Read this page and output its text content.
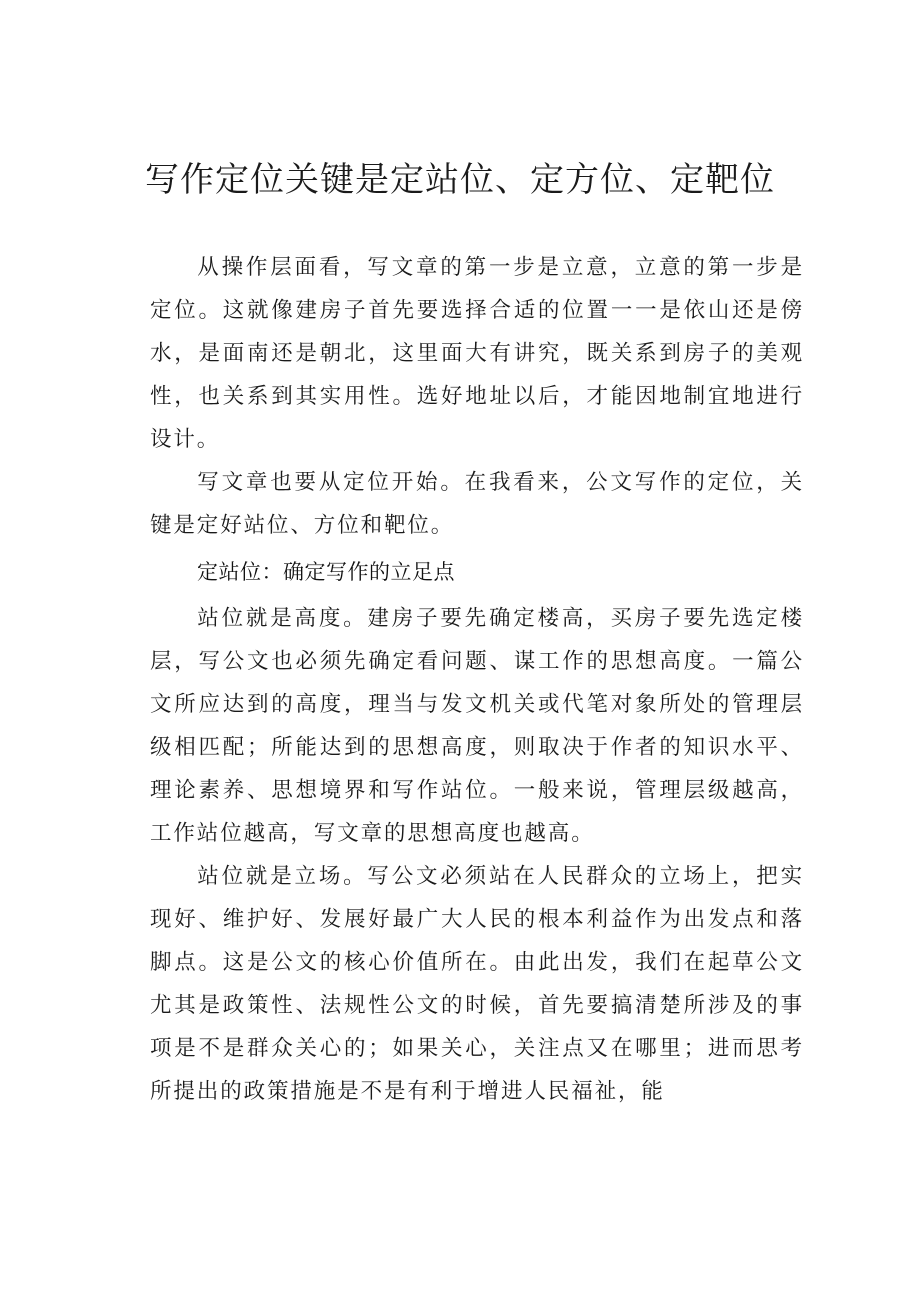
写作定位关键是定站位、定方位、定靶位

从操作层面看，写文章的第一步是立意，立意的第一步是定位。这就像建房子首先要选择合适的位置一一是依山还是傍水，是面南还是朝北，这里面大有讲究，既关系到房子的美观性，也关系到其实用性。选好地址以后，才能因地制宜地进行设计。

写文章也要从定位开始。在我看来，公文写作的定位，关键是定好站位、方位和靶位。

定站位：确定写作的立足点

站位就是高度。建房子要先确定楼高，买房子要先选定楼层，写公文也必须先确定看问题、谋工作的思想高度。一篇公文所应达到的高度，理当与发文机关或代笔对象所处的管理层级相匹配；所能达到的思想高度，则取决于作者的知识水平、理论素养、思想境界和写作站位。一般来说，管理层级越高，工作站位越高，写文章的思想高度也越高。

站位就是立场。写公文必须站在人民群众的立场上，把实现好、维护好、发展好最广大人民的根本利益作为出发点和落脚点。这是公文的核心价值所在。由此出发，我们在起草公文尤其是政策性、法规性公文的时候，首先要搞清楚所涉及的事项是不是群众关心的；如果关心，关注点又在哪里；进而思考所提出的政策措施是不是有利于增进人民福祉，能
